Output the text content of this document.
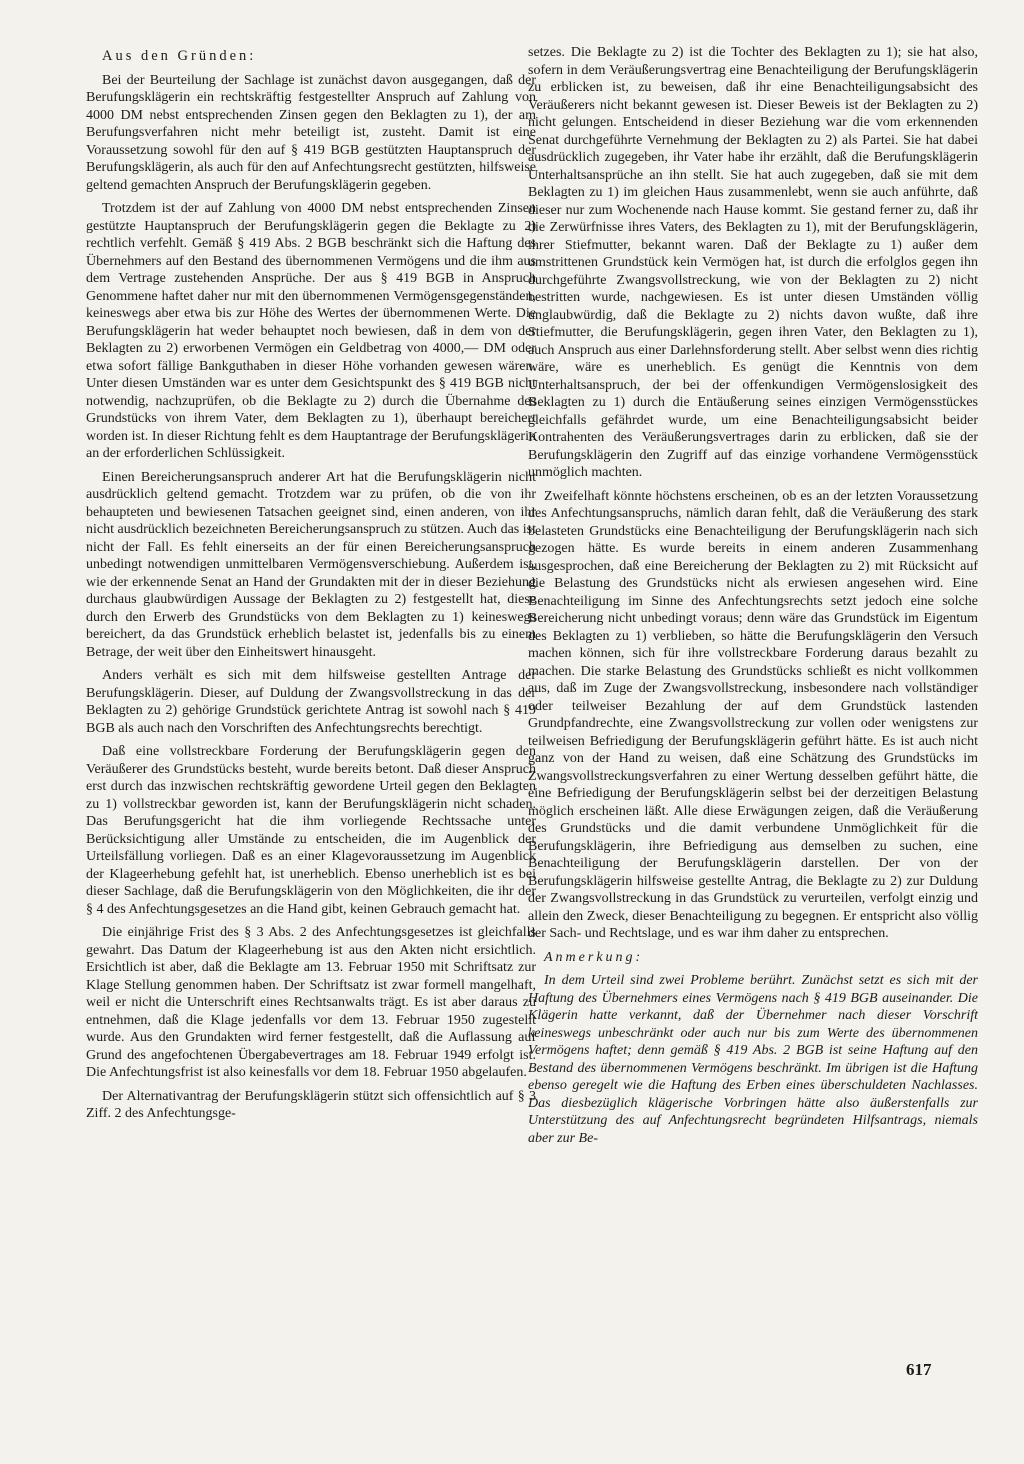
Aus den Gründen:

Bei der Beurteilung der Sachlage ist zunächst davon ausgegangen, daß der Berufungsklägerin ein rechtskräftig festgestellter Anspruch auf Zahlung von 4000 DM nebst entsprechenden Zinsen gegen den Beklagten zu 1), der am Berufungsverfahren nicht mehr beteiligt ist, zusteht. Damit ist eine Voraussetzung sowohl für den auf § 419 BGB gestützten Hauptanspruch der Berufungsklägerin, als auch für den auf Anfechtungsrecht gestützten, hilfsweise geltend gemachten Anspruch der Berufungsklägerin gegeben.

Trotzdem ist der auf Zahlung von 4000 DM nebst entsprechenden Zinsen gestützte Hauptanspruch der Berufungsklägerin gegen die Beklagte zu 2) rechtlich verfehlt. Gemäß § 419 Abs. 2 BGB beschränkt sich die Haftung des Übernehmers auf den Bestand des übernommenen Vermögens und die ihm aus dem Vertrage zustehenden Ansprüche. Der aus § 419 BGB in Anspruch Genommene haftet daher nur mit den übernommenen Vermögensgegenständen, keineswegs aber etwa bis zur Höhe des Wertes der übernommenen Werte. Die Berufungsklägerin hat weder behauptet noch bewiesen, daß in dem von der Beklagten zu 2) erworbenen Vermögen ein Geldbetrag von 4000,— DM oder etwa sofort fällige Bankguthaben in dieser Höhe vorhanden gewesen wären. Unter diesen Umständen war es unter dem Gesichtspunkt des § 419 BGB nicht notwendig, nachzuprüfen, ob die Beklagte zu 2) durch die Übernahme des Grundstücks von ihrem Vater, dem Beklagten zu 1), überhaupt bereichert worden ist. In dieser Richtung fehlt es dem Hauptantrage der Berufungsklägerin an der erforderlichen Schlüssigkeit.

Einen Bereicherungsanspruch anderer Art hat die Berufungsklägerin nicht ausdrücklich geltend gemacht. Trotzdem war zu prüfen, ob die von ihr behaupteten und bewiesenen Tatsachen geeignet sind, einen anderen, von ihr nicht ausdrücklich bezeichneten Bereicherungsanspruch zu stützen. Auch das ist nicht der Fall. Es fehlt einerseits an der für einen Bereicherungsanspruch unbedingt notwendigen unmittelbaren Vermögensverschiebung. Außerdem ist, wie der erkennende Senat an Hand der Grundakten mit der in dieser Beziehung durchaus glaubwürdigen Aussage der Beklagten zu 2) festgestellt hat, diese durch den Erwerb des Grundstücks von dem Beklagten zu 1) keineswegs bereichert, da das Grundstück erheblich belastet ist, jedenfalls bis zu einem Betrage, der weit über den Einheitswert hinausgeht.

Anders verhält es sich mit dem hilfsweise gestellten Antrage der Berufungsklägerin. Dieser, auf Duldung der Zwangsvollstreckung in das der Beklagten zu 2) gehörige Grundstück gerichtete Antrag ist sowohl nach § 419 BGB als auch nach den Vorschriften des Anfechtungsrechts berechtigt.

Daß eine vollstreckbare Forderung der Berufungsklägerin gegen den Veräußerer des Grundstücks besteht, wurde bereits betont. Daß dieser Anspruch erst durch das inzwischen rechtskräftig gewordene Urteil gegen den Beklagten zu 1) vollstreckbar geworden ist, kann der Berufungsklägerin nicht schaden. Das Berufungsgericht hat die ihm vorliegende Rechtssache unter Berücksichtigung aller Umstände zu entscheiden, die im Augenblick der Urteilsfällung vorliegen. Daß es an einer Klagevoraussetzung im Augenblick der Klageerhebung gefehlt hat, ist unerheblich. Ebenso unerheblich ist es bei dieser Sachlage, daß die Berufungsklägerin von den Möglichkeiten, die ihr der § 4 des Anfechtungsgesetzes an die Hand gibt, keinen Gebrauch gemacht hat.

Die einjährige Frist des § 3 Abs. 2 des Anfechtungsgesetzes ist gleichfalls gewahrt. Das Datum der Klageerhebung ist aus den Akten nicht ersichtlich. Ersichtlich ist aber, daß die Beklagte am 13. Februar 1950 mit Schriftsatz zur Klage Stellung genommen haben. Der Schriftsatz ist zwar formell mangelhaft, weil er nicht die Unterschrift eines Rechtsanwalts trägt. Es ist aber daraus zu entnehmen, daß die Klage jedenfalls vor dem 13. Februar 1950 zugestellt wurde. Aus den Grundakten wird ferner festgestellt, daß die Auflassung auf Grund des angefochtenen Übergabevertrages am 18. Februar 1949 erfolgt ist. Die Anfechtungsfrist ist also keinesfalls vor dem 18. Februar 1950 abgelaufen.

Der Alternativantrag der Berufungsklägerin stützt sich offensichtlich auf § 3 Ziff. 2 des Anfechtungsge-

setzes. Die Beklagte zu 2) ist die Tochter des Beklagten zu 1); sie hat also, sofern in dem Veräußerungsvertrag eine Benachteiligung der Berufungsklägerin zu erblicken ist, zu beweisen, daß ihr eine Benachteiligungsabsicht des Veräußerers nicht bekannt gewesen ist. Dieser Beweis ist der Beklagten zu 2) nicht gelungen. Entscheidend in dieser Beziehung war die vom erkennenden Senat durchgeführte Vernehmung der Beklagten zu 2) als Partei. Sie hat dabei ausdrücklich zugegeben, ihr Vater habe ihr erzählt, daß die Berufungsklägerin Unterhaltsansprüche an ihn stellt. Sie hat auch zugegeben, daß sie mit dem Beklagten zu 1) im gleichen Haus zusammenlebt, wenn sie auch anführte, daß dieser nur zum Wochenende nach Hause kommt. Sie gestand ferner zu, daß ihr die Zerwürfnisse ihres Vaters, des Beklagten zu 1), mit der Berufungsklägerin, ihrer Stiefmutter, bekannt waren. Daß der Beklagte zu 1) außer dem umstrittenen Grundstück kein Vermögen hat, ist durch die erfolglos gegen ihn durchgeführte Zwangsvollstreckung, wie von der Beklagten zu 2) nicht bestritten wurde, nachgewiesen. Es ist unter diesen Umständen völlig unglaubwürdig, daß die Beklagte zu 2) nichts davon wußte, daß ihre Stiefmutter, die Berufungsklägerin, gegen ihren Vater, den Beklagten zu 1), auch Anspruch aus einer Darlehnsforderung stellt. Aber selbst wenn dies richtig wäre, wäre es unerheblich. Es genügt die Kenntnis von dem Unterhaltsanspruch, der bei der offenkundigen Vermögenslosigkeit des Beklagten zu 1) durch die Entäußerung seines einzigen Vermögensstückes gleichfalls gefährdet wurde, um eine Benachteiligungsabsicht beider Kontrahenten des Veräußerungsvertrages darin zu erblicken, daß sie der Berufungsklägerin den Zugriff auf das einzige vorhandene Vermögensstück unmöglich machten.

Zweifelhaft könnte höchstens erscheinen, ob es an der letzten Voraussetzung des Anfechtungsanspruchs, nämlich daran fehlt, daß die Veräußerung des stark belasteten Grundstücks eine Benachteiligung der Berufungsklägerin nach sich gezogen hätte. Es wurde bereits in einem anderen Zusammenhang ausgesprochen, daß eine Bereicherung der Beklagten zu 2) mit Rücksicht auf die Belastung des Grundstücks nicht als erwiesen angesehen wird. Eine Benachteiligung im Sinne des Anfechtungsrechts setzt jedoch eine solche Bereicherung nicht unbedingt voraus; denn wäre das Grundstück im Eigentum des Beklagten zu 1) verblieben, so hätte die Berufungsklägerin den Versuch machen können, sich für ihre vollstreckbare Forderung daraus bezahlt zu machen. Die starke Belastung des Grundstücks schließt es nicht vollkommen aus, daß im Zuge der Zwangsvollstreckung, insbesondere nach vollständiger oder teilweiser Bezahlung der auf dem Grundstück lastenden Grundpfandrechte, eine Zwangsvollstreckung zur vollen oder wenigstens zur teilweisen Befriedigung der Berufungsklägerin geführt hätte. Es ist auch nicht ganz von der Hand zu weisen, daß eine Schätzung des Grundstücks im Zwangsvollstreckungsverfahren zu einer Wertung desselben geführt hätte, die eine Befriedigung der Berufungsklägerin selbst bei der derzeitigen Belastung möglich erscheinen läßt. Alle diese Erwägungen zeigen, daß die Veräußerung des Grundstücks und die damit verbundene Unmöglichkeit für die Berufungsklägerin, ihre Befriedigung aus demselben zu suchen, eine Benachteiligung der Berufungsklägerin darstellen. Der von der Berufungsklägerin hilfsweise gestellte Antrag, die Beklagte zu 2) zur Duldung der Zwangsvollstreckung in das Grundstück zu verurteilen, verfolgt einzig und allein den Zweck, dieser Benachteiligung zu begegnen. Er entspricht also völlig der Sach- und Rechtslage, und es war ihm daher zu entsprechen.

Anmerkung:

In dem Urteil sind zwei Probleme berührt. Zunächst setzt es sich mit der Haftung des Übernehmers eines Vermögens nach § 419 BGB auseinander. Die Klägerin hatte verkannt, daß der Übernehmer nach dieser Vorschrift keineswegs unbeschränkt oder auch nur bis zum Werte des übernommenen Vermögens haftet; denn gemäß § 419 Abs. 2 BGB ist seine Haftung auf den Bestand des übernommenen Vermögens beschränkt. Im übrigen ist die Haftung ebenso geregelt wie die Haftung des Erben eines überschuldeten Nachlasses. Das diesbezüglich klägerische Vorbringen hätte also äußerstenfalls zur Unterstützung des auf Anfechtungsrecht begründeten Hilfsantrags, niemals aber zur Be-

617
